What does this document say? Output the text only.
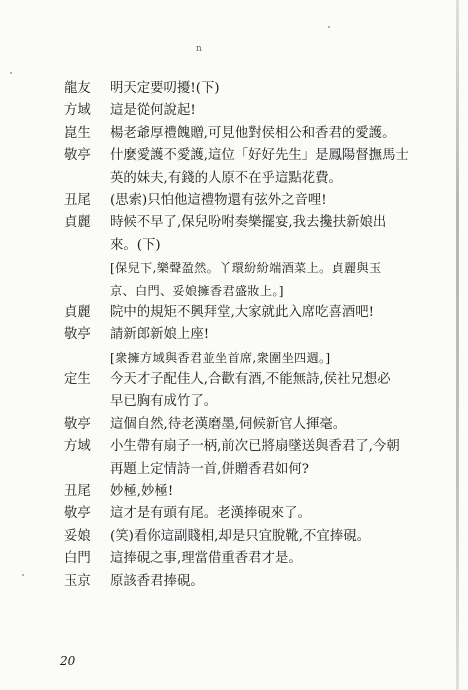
n
龍友	明天定要叨擾!(下)
方域	這是從何說起!
崑生	楊老爺厚禮餽贈,可見他對侯相公和香君的愛護。
敬亭	什麼愛護不愛護,這位「好好先生」是鳳陽督撫馬士
英的妹夫,有錢的人原不在乎這點花費。
丑尾	(思索)只怕他這禮物還有弦外之音哩!
貞麗	時候不早了,保兒吩咐奏樂擺宴,我去攙扶新娘出
來。(下)
[保兒下,樂聲盈然。丫環紛紛端酒菜上。貞麗與玉
京、白門、妥娘擁香君盛妝上。]
貞麗	院中的規矩不興拜堂,大家就此入席吃喜酒吧!
敬亭	請新郎新娘上座!
[衆擁方域與香君並坐首席,衆圍坐四週。]
定生	今天才子配佳人,合歡有酒,不能無詩,侯社兄想必
早已胸有成竹了。
敬亭	這個自然,待老漢磨墨,伺候新官人揮毫。
方域	小生帶有扇子一柄,前次已將扇墜送與香君了,今朝
再題上定情詩一首,併贈香君如何?
丑尾	妙極,妙極!
敬亭	這才是有頭有尾。老漢捧硯來了。
妥娘	(笑)看你這副賤相,却是只宜脫靴,不宜捧硯。
白門	這捧硯之事,理當借重香君才是。
玉京	原該香君捧硯。
20
